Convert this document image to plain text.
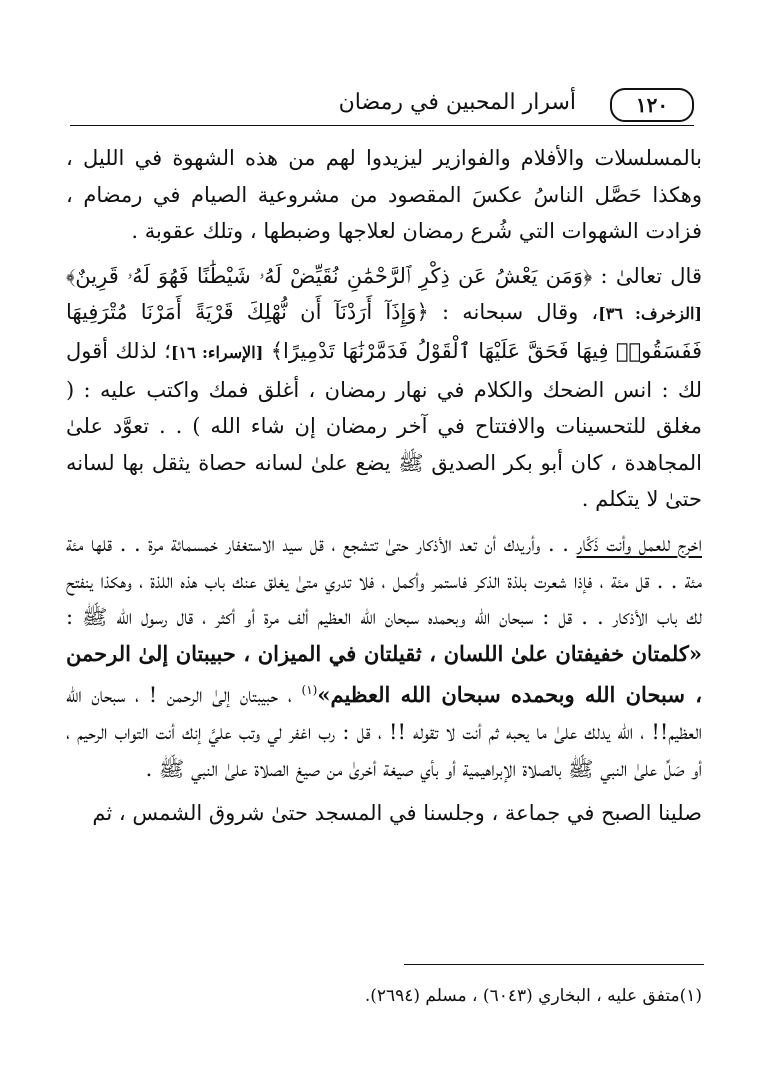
١٢٠
أسرار المحبين في رمضان

بالمسلسلات والأفلام والفوازير ليزيدوا لهم من هذه الشهوة في الليل ، وهكذا حَصَّل الناسُ عكسَ المقصود من مشروعية الصيام في رمضام ، فزادت الشهوات التي شُرع رمضان لعلاجها وضبطها ، وتلك عقوبة .

قال تعالىٰ : ﴿وَمَن يَعْشُ عَن ذِكْرِ ٱلرَّحْمَٰنِ نُقَيِّضْ لَهُۥ شَيْطَٰنًا فَهُوَ لَهُۥ قَرِينٌ﴾ [الزخرف: ٣٦]، وقال سبحانه : ﴿وَإِذَآ أَرَدْنَآ أَن نُّهْلِكَ قَرْيَةً أَمَرْنَا مُتْرَفِيهَا فَفَسَقُوا۟ فِيهَا فَحَقَّ عَلَيْهَا ٱلْقَوْلُ فَدَمَّرْنَٰهَا تَدْمِيرًا﴾ [الإسراء: ١٦]؛ لذلك أقول لك : انس الضحك والكلام في نهار رمضان ، أغلق فمك واكتب عليه : ( مغلق للتحسينات والافتتاح في آخر رمضان إن شاء الله ) . . تعوَّد علىٰ المجاهدة ، كان أبو بكر الصديق ﷺ يضع علىٰ لسانه حصاة يثقل بها لسانه حتىٰ لا يتكلم .

اخرج للعمل وأنت ذَكَّار . . وأريدك أن تعد الأذكار حتىٰ تتشجع ، قل سيد الاستغفار خمسمائة مرة . . قلها مئة مئة . . قل مئة ، فإذا شعرت بلذة الذكر فاستمر وأكمل ، فلا تدري متىٰ يغلق عنك باب هذه اللذة ، وهكذا ينفتح لك باب الأذكار . . قل : سبحان الله وبحمده سبحان الله العظيم ألف مرة أو أكثر ، قال رسول الله ﷺ : «كلمتان خفيفتان علىٰ اللسان ، ثقيلتان في الميزان ، حبيبتان إلىٰ الرحمن ، سبحان الله وبحمده سبحان الله العظيم»$^{(١)}$ ، حبيبتان إلىٰ الرحمن ! ، سبحان الله العظيم!! ، الله يدلك علىٰ ما يحبه ثم أنت لا تقوله !! ، قل : رب اغفر لي وتب عليَّ إنك أنت التواب الرحيم ، أو صَلِّ علىٰ النبي ﷺ بالصلاة الإبراهيمية أو بأي صيغة أخرىٰ من صيغ الصلاة علىٰ النبي ﷺ .

صلينا الصبح في جماعة ، وجلسنا في المسجد حتىٰ شروق الشمس ، ثم

(١)متفق عليه ، البخاري (٦٠٤٣) ، مسلم (٢٦٩٤).
